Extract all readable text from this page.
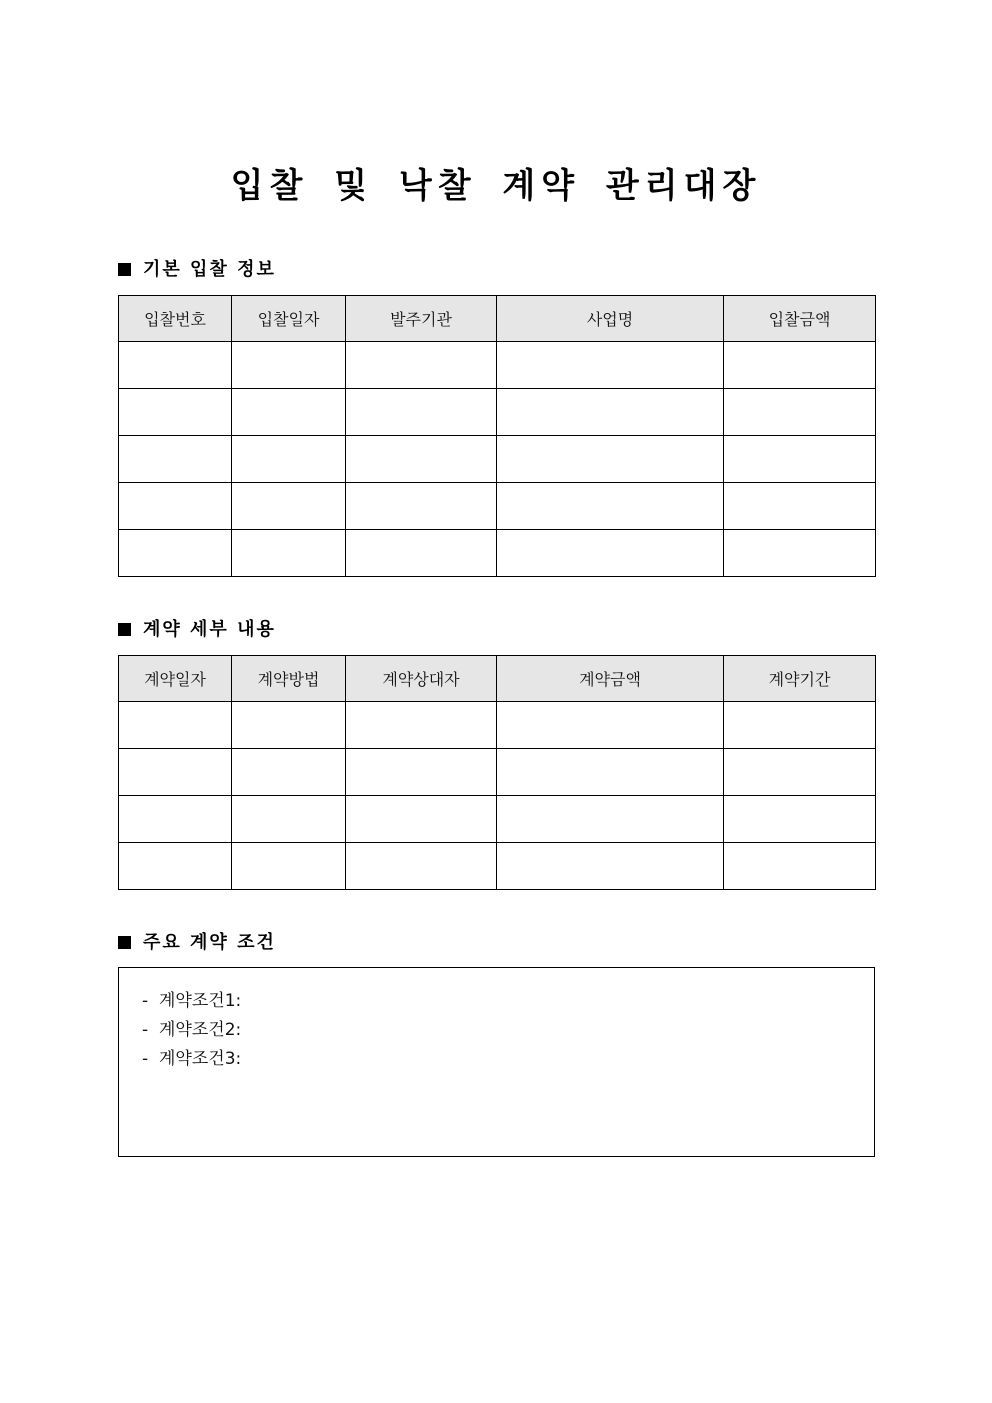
입찰 및 낙찰 계약 관리대장
기본 입찰 정보
입찰번호	입찰일자	발주기관	사업명	입찰금액

계약 세부 내용
계약일자	계약방법	계약상대자	계약금액	계약기간

주요 계약 조건
- 계약조건1:
- 계약조건2:
- 계약조건3:
